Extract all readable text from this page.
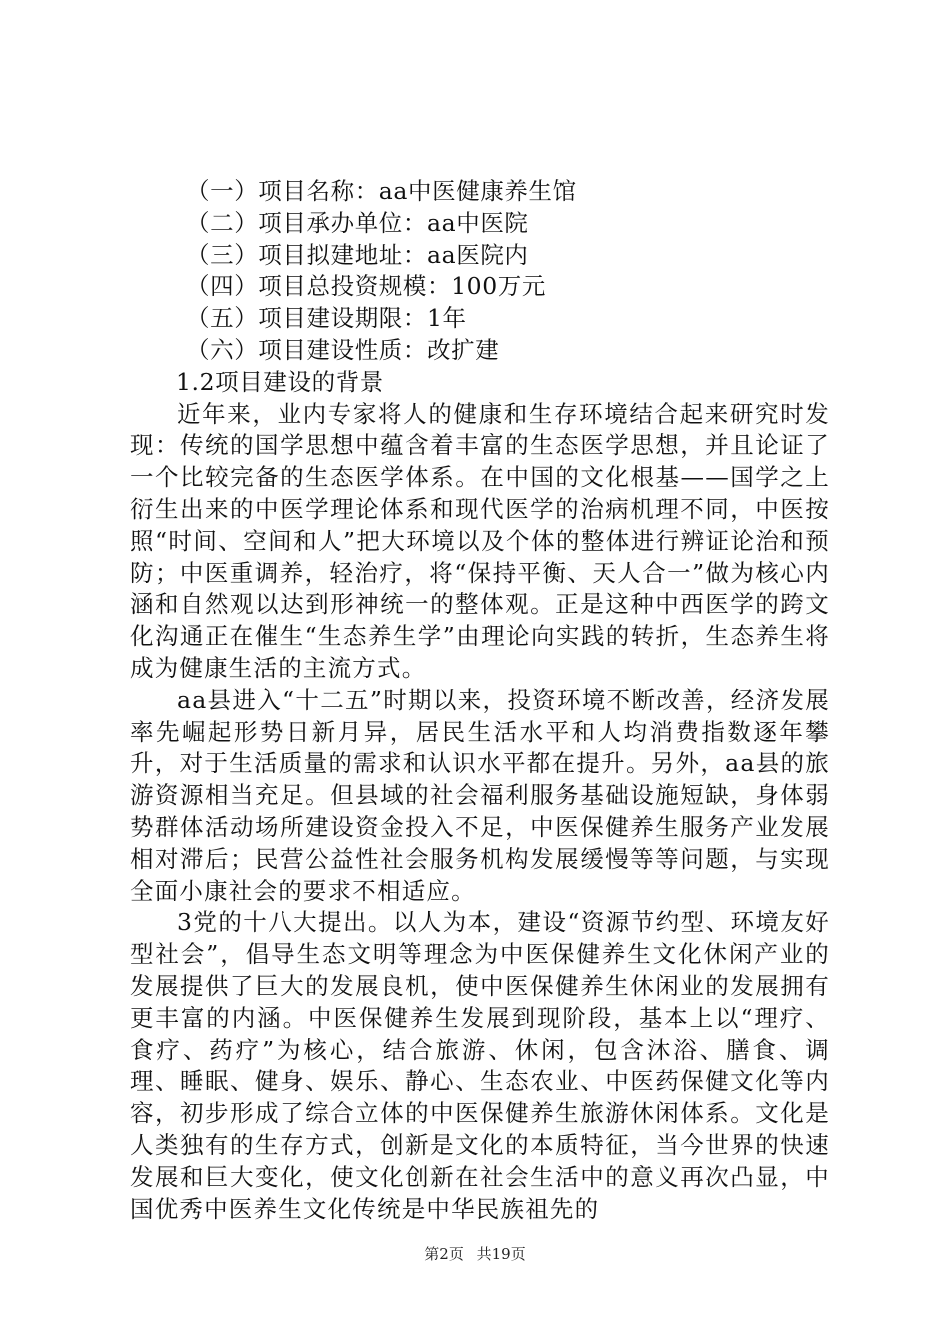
（一）项目名称：aa中医健康养生馆
（二）项目承办单位：aa中医院
（三）项目拟建地址：aa医院内
（四）项目总投资规模：100万元
（五）项目建设期限：1年
（六）项目建设性质：改扩建
1.2项目建设的背景

近年来，业内专家将人的健康和生存环境结合起来研究时发现：传统的国学思想中蕴含着丰富的生态医学思想，并且论证了一个比较完备的生态医学体系。在中国的文化根基——国学之上衍生出来的中医学理论体系和现代医学的治病机理不同，中医按照“时间、空间和人”把大环境以及个体的整体进行辨证论治和预防；中医重调养，轻治疗，将“保持平衡、天人合一”做为核心内涵和自然观以达到形神统一的整体观。正是这种中西医学的跨文化沟通正在催生“生态养生学”由理论向实践的转折，生态养生将成为健康生活的主流方式。

aa县进入“十二五”时期以来，投资环境不断改善，经济发展率先崛起形势日新月异，居民生活水平和人均消费指数逐年攀升，对于生活质量的需求和认识水平都在提升。另外，aa县的旅游资源相当充足。但县域的社会福利服务基础设施短缺，身体弱势群体活动场所建设资金投入不足，中医保健养生服务产业发展相对滞后；民营公益性社会服务机构发展缓慢等等问题，与实现全面小康社会的要求不相适应。

3党的十八大提出。以人为本，建设“资源节约型、环境友好型社会”，倡导生态文明等理念为中医保健养生文化休闲产业的发展提供了巨大的发展良机，使中医保健养生休闲业的发展拥有更丰富的内涵。中医保健养生发展到现阶段，基本上以“理疗、食疗、药疗”为核心，结合旅游、休闲，包含沐浴、膳食、调理、睡眠、健身、娱乐、静心、生态农业、中医药保健文化等内容，初步形成了综合立体的中医保健养生旅游休闲体系。文化是人类独有的生存方式，创新是文化的本质特征，当今世界的快速发展和巨大变化，使文化创新在社会生活中的意义再次凸显，中国优秀中医养生文化传统是中华民族祖先的

第2页 共19页
